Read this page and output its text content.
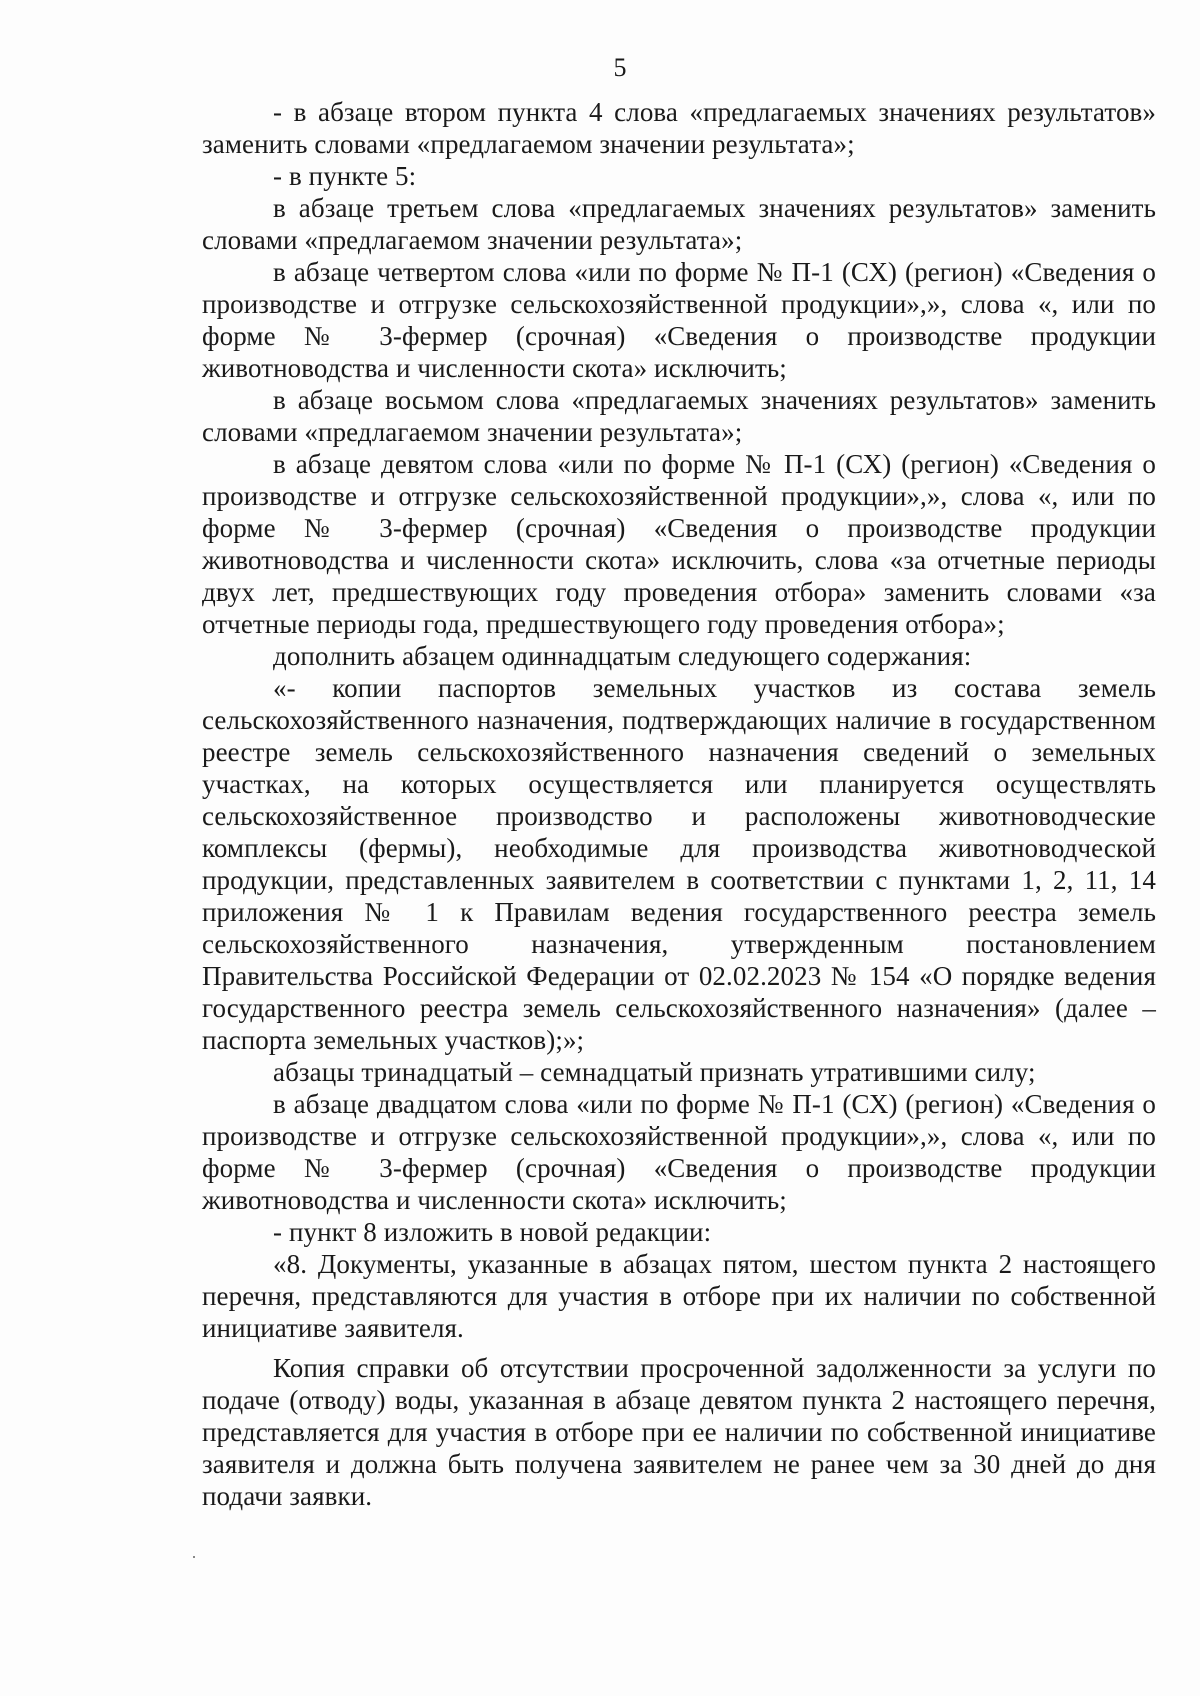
5

- в абзаце втором пункта 4 слова «предлагаемых значениях результатов» заменить словами «предлагаемом значении результата»;

- в пункте 5:

в абзаце третьем слова «предлагаемых значениях результатов» заменить словами «предлагаемом значении результата»;

в абзаце четвертом слова «или по форме № П-1 (СХ) (регион) «Сведения о производстве и отгрузке сельскохозяйственной продукции»,», слова «, или по форме № 3-фермер (срочная) «Сведения о производстве продукции животноводства и численности скота» исключить;

в абзаце восьмом слова «предлагаемых значениях результатов» заменить словами «предлагаемом значении результата»;

в абзаце девятом слова «или по форме № П-1 (СХ) (регион) «Сведения о производстве и отгрузке сельскохозяйственной продукции»,», слова «, или по форме № 3-фермер (срочная) «Сведения о производстве продукции животноводства и численности скота» исключить, слова «за отчетные периоды двух лет, предшествующих году проведения отбора» заменить словами «за отчетные периоды года, предшествующего году проведения отбора»;

дополнить абзацем одиннадцатым следующего содержания:

«- копии паспортов земельных участков из состава земель сельскохозяйственного назначения, подтверждающих наличие в государственном реестре земель сельскохозяйственного назначения сведений о земельных участках, на которых осуществляется или планируется осуществлять сельскохозяйственное производство и расположены животноводческие комплексы (фермы), необходимые для производства животноводческой продукции, представленных заявителем в соответствии с пунктами 1, 2, 11, 14 приложения № 1 к Правилам ведения государственного реестра земель сельскохозяйственного назначения, утвержденным постановлением Правительства Российской Федерации от 02.02.2023 № 154 «О порядке ведения государственного реестра земель сельскохозяйственного назначения» (далее – паспорта земельных участков);»;

абзацы тринадцатый – семнадцатый признать утратившими силу;

в абзаце двадцатом слова «или по форме № П-1 (СХ) (регион) «Сведения о производстве и отгрузке сельскохозяйственной продукции»,», слова «, или по форме № 3-фермер (срочная) «Сведения о производстве продукции животноводства и численности скота» исключить;

- пункт 8 изложить в новой редакции:

«8. Документы, указанные в абзацах пятом, шестом пункта 2 настоящего перечня, представляются для участия в отборе при их наличии по собственной инициативе заявителя.

Копия справки об отсутствии просроченной задолженности за услуги по подаче (отводу) воды, указанная в абзаце девятом пункта 2 настоящего перечня, представляется для участия в отборе при ее наличии по собственной инициативе заявителя и должна быть получена заявителем не ранее чем за 30 дней до дня подачи заявки.
